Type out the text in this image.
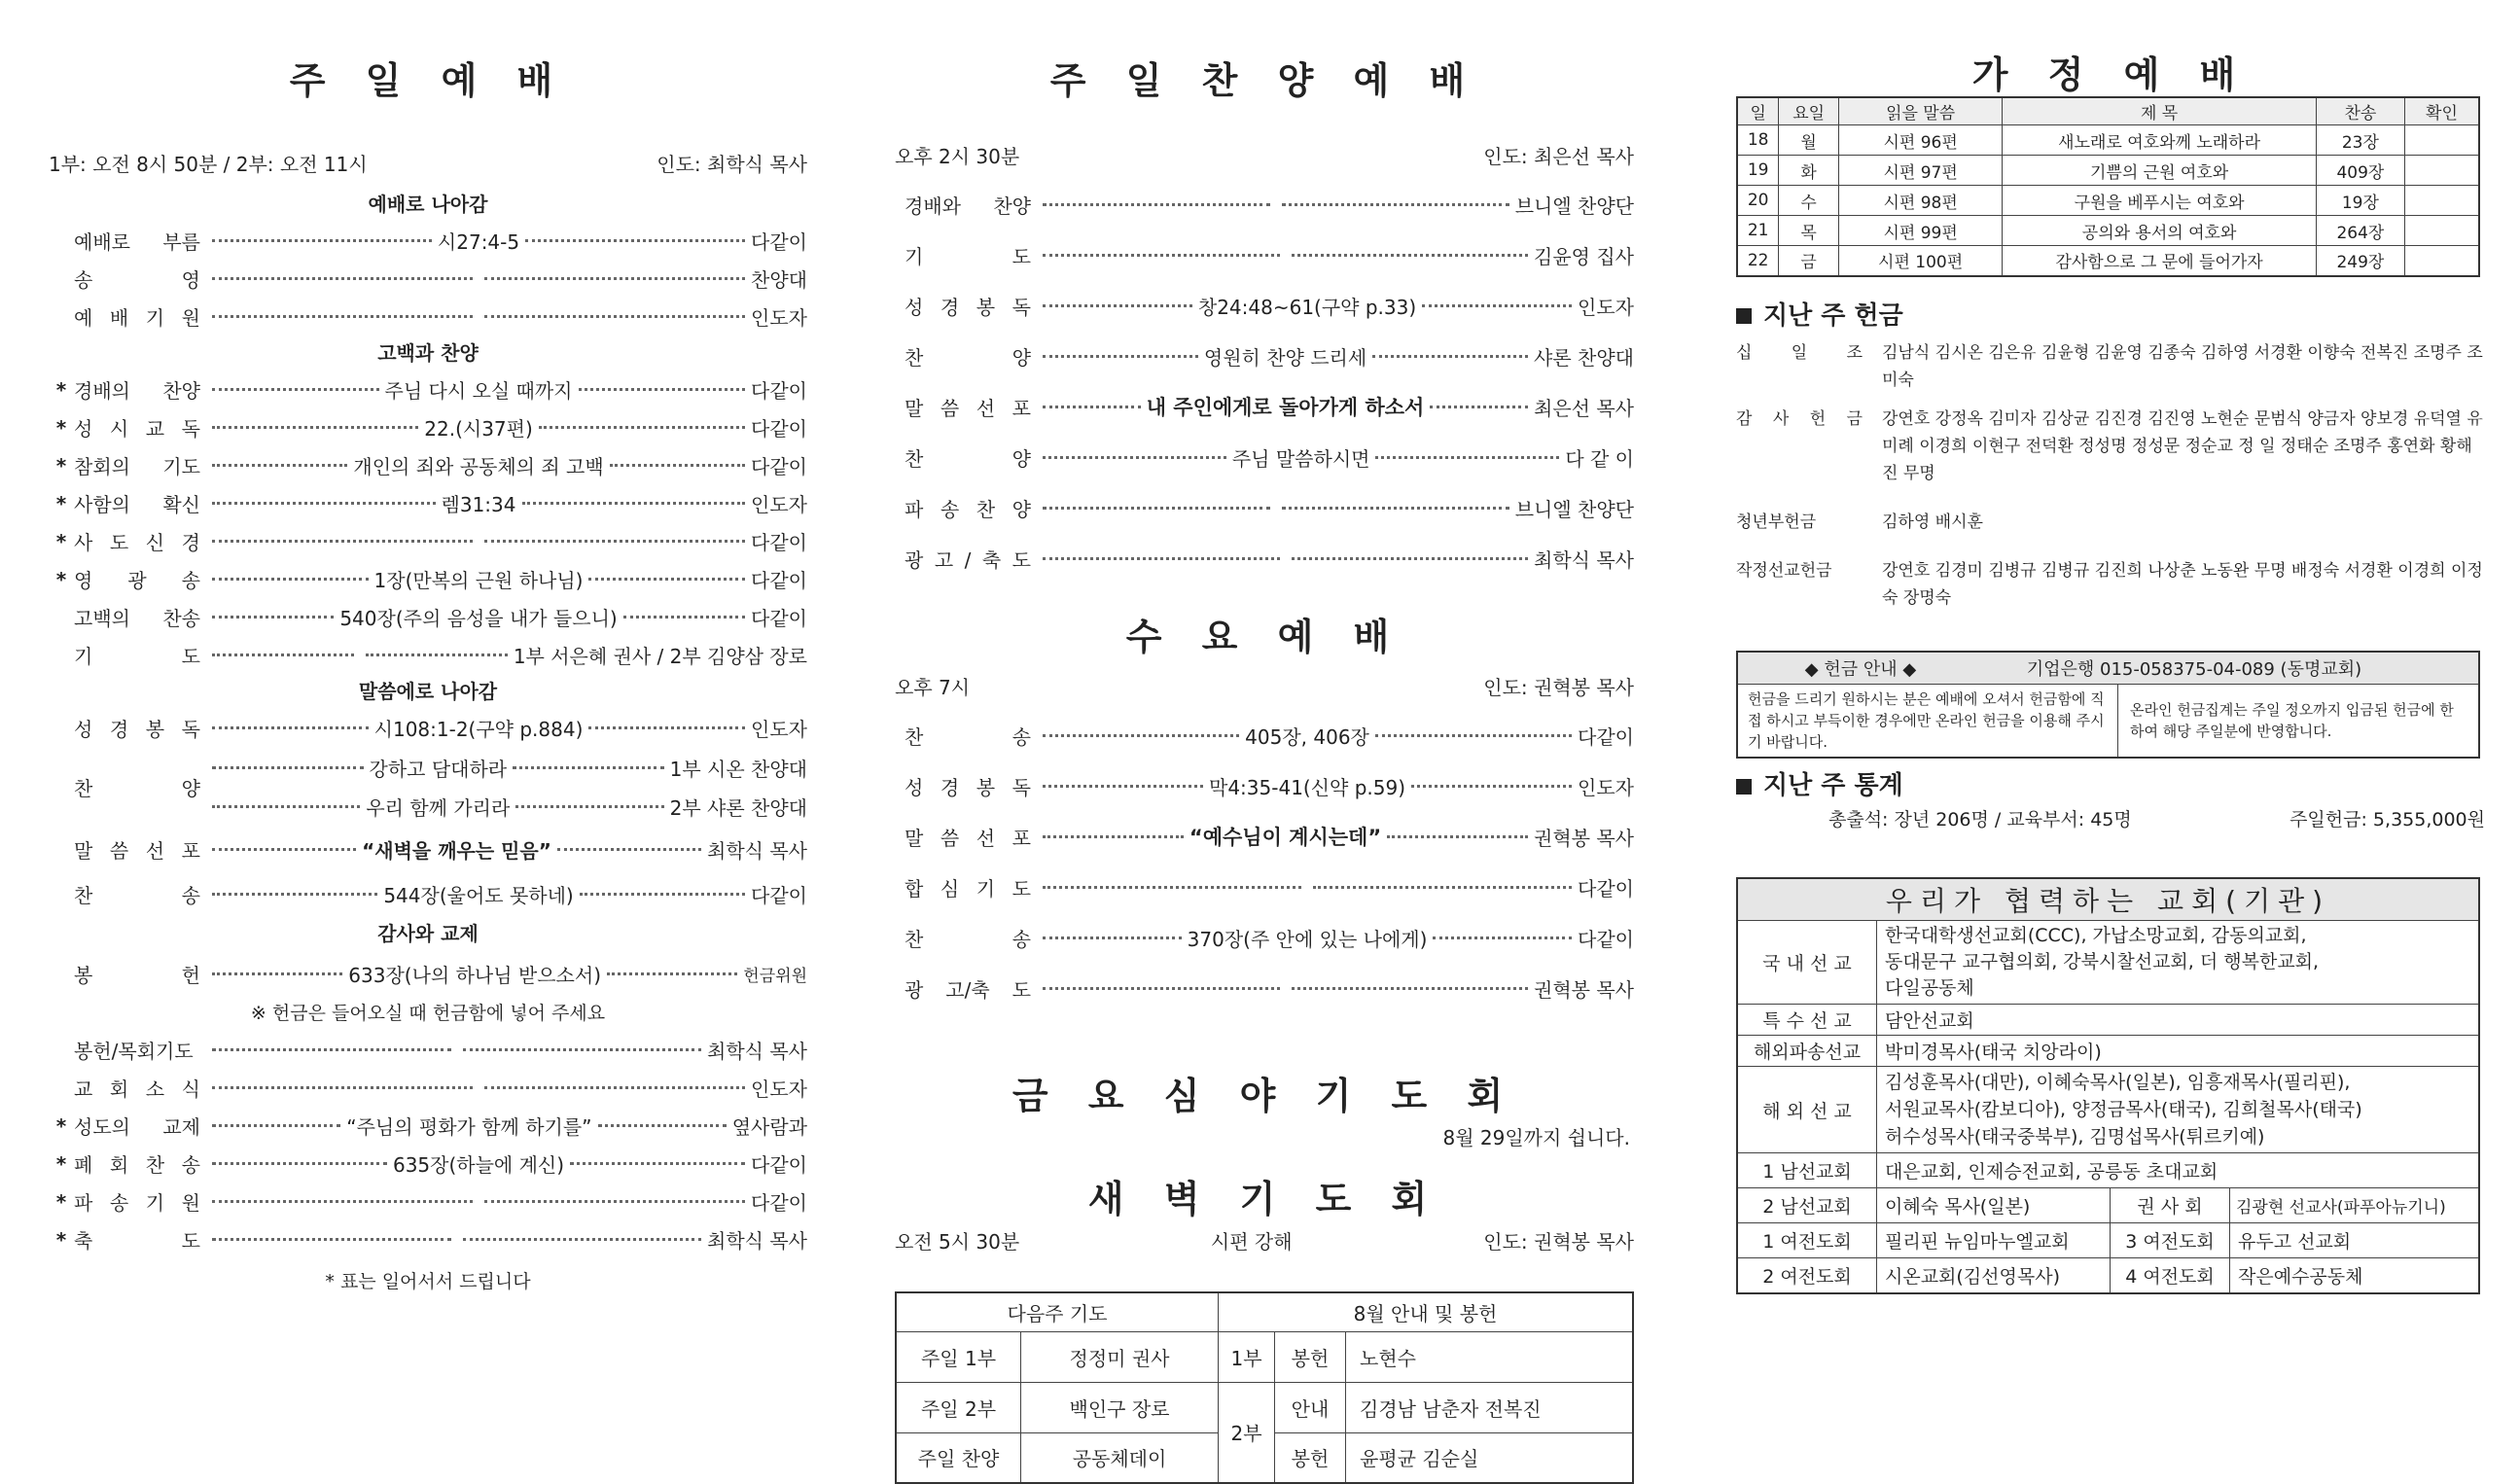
주 일 예 배
1부: 오전 8시 50분 / 2부: 오전 11시	인도: 최학식 목사
예배로 나아감
예배로 부름	시27:4-5	다같이
송 영	찬양대
예 배 기 원	인도자
고백과 찬양
* 경배의 찬양	주님 다시 오실 때까지	다같이
* 성 시 교 독	22.(시37편)	다같이
* 참회의 기도	개인의 죄와 공동체의 죄 고백	다같이
* 사함의 확신	렘31:34	인도자
* 사 도 신 경	다같이
* 영 광 송	1장(만복의 근원 하나님)	다같이
고백의 찬송	540장(주의 음성을 내가 들으니)	다같이
기 도	1부 서은혜 권사 / 2부 김양삼 장로
말씀에로 나아감
성 경 봉 독	시108:1-2(구약 p.884)	인도자
찬 양
강하고 담대하라	1부 시온 찬양대
우리 함께 가리라	2부 샤론 찬양대
말 씀 선 포	“새벽을 깨우는 믿음”	최학식 목사
찬 송	544장(울어도 못하네)	다같이
감사와 교제
봉 헌	633장(나의 하나님 받으소서)	헌금위원
※ 헌금은 들어오실 때 헌금함에 넣어 주세요
봉헌/목회기도	최학식 목사
교 회 소 식	인도자
* 성도의 교제	“주님의 평화가 함께 하기를”	옆사람과
* 폐 회 찬 송	635장(하늘에 계신)	다같이
* 파 송 기 원	다같이
* 축 도	최학식 목사
* 표는 일어서서 드립니다
주 일 찬 양 예 배
오후 2시 30분	인도: 최은선 목사
경배와 찬양	브니엘 찬양단
기 도	김윤영 집사
성 경 봉 독	창24:48~61(구약 p.33)	인도자
찬 양	영원히 찬양 드리세	샤론 찬양대
말 씀 선 포	내 주인에게로 돌아가게 하소서	최은선 목사
찬 양	주님 말씀하시면	다 같 이
파 송 찬 양	브니엘 찬양단
광 고 / 축 도	최학식 목사
수 요 예 배
오후 7시	인도: 권혁봉 목사
찬 송	405장, 406장	다같이
성 경 봉 독	막4:35-41(신약 p.59)	인도자
말 씀 선 포	“예수님이 계시는데”	권혁봉 목사
합 심 기 도	다같이
찬 송	370장(주 안에 있는 나에게)	다같이
광 고/축 도	권혁봉 목사
금 요 심 야 기 도 회
8월 29일까지 쉽니다.
새 벽 기 도 회
오전 5시 30분	시편 강해	인도: 권혁봉 목사
다음주 기도		8월 안내 및 봉헌		
주일 1부	정정미 권사	1부	봉헌	노현수
주일 2부	백인구 장로	2부	안내	김경남 남춘자 전복진
주일 찬양	공동체데이		봉헌	윤평균 김순실
가 정 예 배
일	요일	읽을 말씀	제 목	찬송	확인
18	월	시편 96편	새노래로 여호와께 노래하라	23장	
19	화	시편 97편	기쁨의 근원 여호와	409장	
20	수	시편 98편	구원을 베푸시는 여호와	19장	
21	목	시편 99편	공의와 용서의 여호와	264장	
22	금	시편 100편	감사함으로 그 문에 들어가자	249장	
지난 주 헌금
십 일 조 김남식 김시온 김은유 김윤형 김윤영 김종숙 김하영 서경환 이향숙 전복진 조명주 조미숙
감 사 헌 금 강연호 강정옥 김미자 김상균 김진경 김진영 노현순 문범식 양금자 양보경 유덕열 유미례 이경희 이현구 전덕환 정성명 정성문 정순교 정 일 정태순 조명주 홍연화 황해진 무명
청년부헌금	김하영 배시훈
작정선교헌금	강연호 김경미 김병규 김병규 김진희 나상춘 노동완 무명 배정숙 서경환 이경희 이정숙 장명숙
◆ 헌금 안내 ◆	기업은행 015-058375-04-089 (동명교회)
헌금을 드리기 원하시는 분은 예배에 오셔서 헌금함에 직접 하시고 부득이한 경우에만 온라인 헌금을 이용해 주시기 바랍니다.	온라인 헌금집계는 주일 정오까지 입금된 헌금에 한하여 해당 주일분에 반영합니다.
지난 주 통계
총출석: 장년 206명 / 교육부서: 45명	주일헌금: 5,355,000원
우리가 협력하는 교회(기관)			
국 내 선 교	한국대학생선교회(CCC), 가납소망교회, 감동의교회,
동대문구 교구협의회, 강북시찰선교회, 더 행복한교회,
다일공동체		

특 수 선 교	담안선교회		
해외파송선교	박미경목사(태국 치앙라이)		
해 외 선 교	김성훈목사(대만), 이혜숙목사(일본), 임흥재목사(필리핀),
서원교목사(캄보디아), 양정금목사(태국), 김희철목사(태국)
허수성목사(태국중북부), 김명섭목사(튀르키예)		

1 남선교회	대은교회, 인제승전교회, 공릉동 초대교회		
2 남선교회	이혜숙 목사(일본)	권 사 회	김광현 선교사(파푸아뉴기니)
1 여전도회	필리핀 뉴임마누엘교회	3 여전도회	유두고 선교회
2 여전도회	시온교회(김선영목사)	4 여전도회	작은예수공동체
